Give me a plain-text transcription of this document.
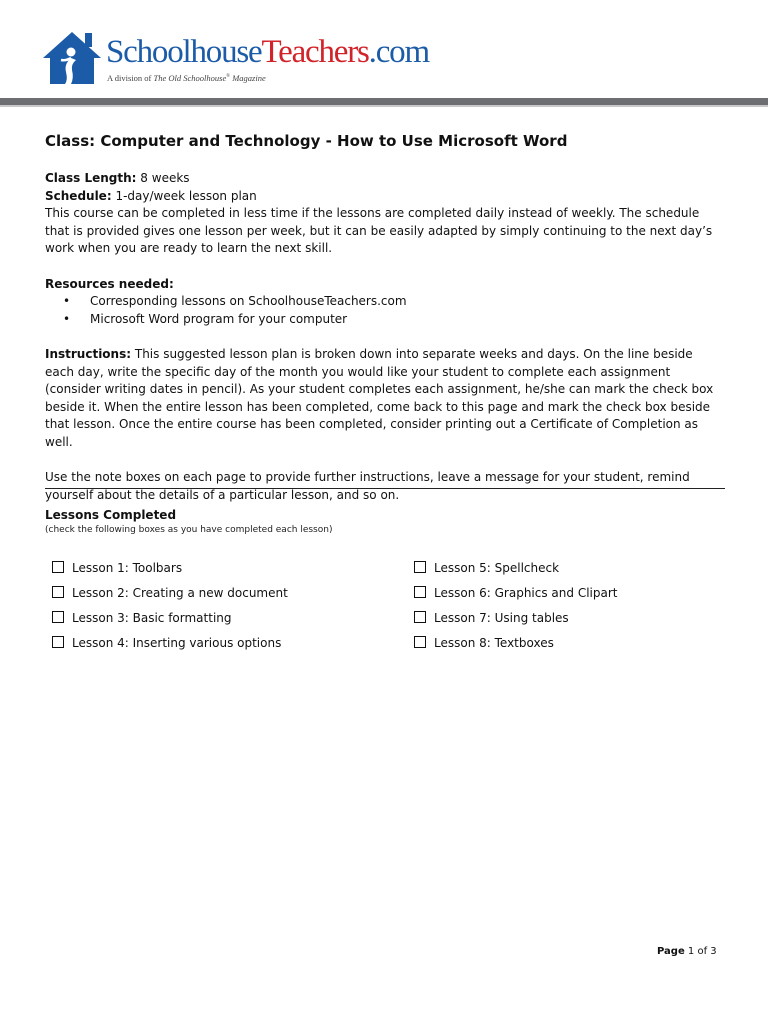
SchoolhouseTeachers.com
A division of The Old Schoolhouse® Magazine
Class: Computer and Technology - How to Use Microsoft Word

Class Length: 8 weeks

Schedule: 1-day/week lesson plan

This course can be completed in less time if the lessons are completed daily instead of weekly. The schedule that is provided gives one lesson per week, but it can be easily adapted by simply continuing to the next day’s work when you are ready to learn the next skill.

Resources needed:

• Corresponding lessons on SchoolhouseTeachers.com
• Microsoft Word program for your computer

Instructions: This suggested lesson plan is broken down into separate weeks and days. On the line beside each day, write the specific day of the month you would like your student to complete each assignment (consider writing dates in pencil). As your student completes each assignment, he/she can mark the check box beside it. When the entire lesson has been completed, come back to this page and mark the check box beside that lesson. Once the entire course has been completed, consider printing out a Certificate of Completion as well.

Use the note boxes on each page to provide further instructions, leave a message for your student, remind yourself about the details of a particular lesson, and so on.

Lessons Completed
(check the following boxes as you have completed each lesson)
Lesson 1: Toolbars
Lesson 2: Creating a new document
Lesson 3: Basic formatting
Lesson 4: Inserting various options
Lesson 5: Spellcheck
Lesson 6: Graphics and Clipart
Lesson 7: Using tables
Lesson 8: Textboxes
Page 1 of 3
